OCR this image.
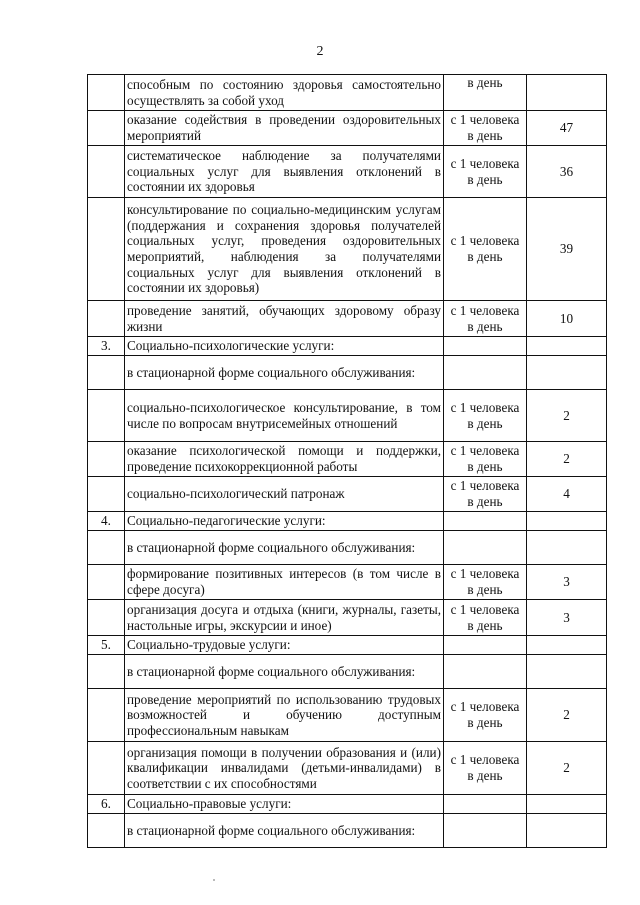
2
	способным по состоянию здоровья самостоятельно осуществлять за собой уход	в день	
	оказание содействия в проведении оздоровительных мероприятий	с 1 человека в день	47
	систематическое наблюдение за получателями социальных услуг для выявления отклонений в состоянии их здоровья	с 1 человека в день	36
	консультирование по социально-медицинским услугам (поддержания и сохранения здоровья получателей социальных услуг, проведения оздоровительных мероприятий, наблюдения за получателями социальных услуг для выявления отклонений в состоянии их здоровья)	с 1 человека в день	39
	проведение занятий, обучающих здоровому образу жизни	с 1 человека в день	10
3.	Социально-психологические услуги:		
	в стационарной форме социального обслуживания:		
	социально-психологическое консультирование, в том числе по вопросам внутрисемейных отношений	с 1 человека в день	2
	оказание психологической помощи и поддержки, проведение психокоррекционной работы	с 1 человека в день	2
	социально-психологический патронаж	с 1 человека в день	4
4.	Социально-педагогические услуги:		
	в стационарной форме социального обслуживания:		
	формирование позитивных интересов (в том числе в сфере досуга)	с 1 человека в день	3
	организация досуга и отдыха (книги, журналы, газеты, настольные игры, экскурсии и иное)	с 1 человека в день	3
5.	Социально-трудовые услуги:		
	в стационарной форме социального обслуживания:		
	проведение мероприятий по использованию трудовых возможностей и обучению доступным профессиональным навыкам	с 1 человека в день	2
	организация помощи в получении образования и (или) квалификации инвалидами (детьми-инвалидами) в соответствии с их способностями	с 1 человека в день	2
6.	Социально-правовые услуги:		
	в стационарной форме социального обслуживания:		
